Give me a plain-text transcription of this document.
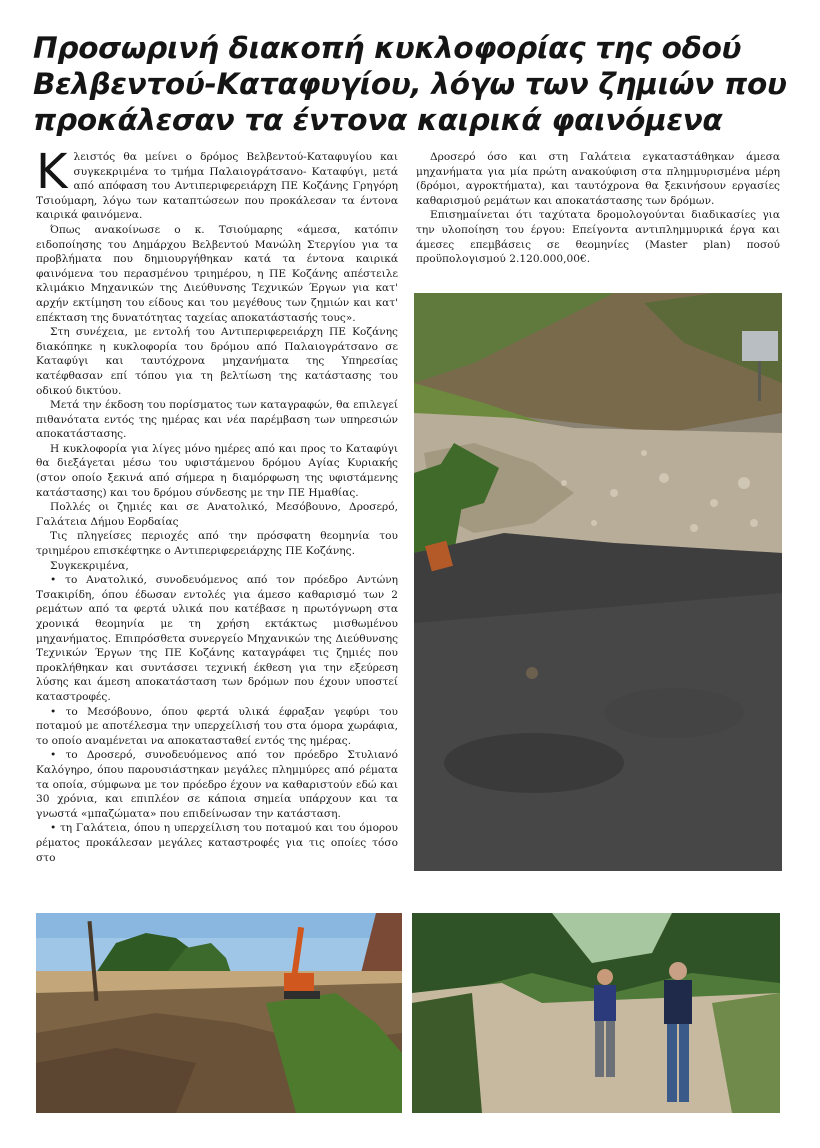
Προσωρινή διακοπή κυκλοφορίας της οδού
Βελβεντού-Καταφυγίου, λόγω των ζημιών που
προκάλεσαν τα έντονα καιρικά φαινόμενα

Κλειστός θα μείνει ο δρόμος Βελβεντού-Καταφυγίου και συγκεκριμένα το τμήμα Παλαιογράτσανο- Καταφύγι, μετά από απόφαση του Αντιπεριφερειάρχη ΠΕ Κοζάνης Γρηγόρη Τσιούμαρη, λόγω των καταπτώσεων που προκάλεσαν τα έντονα καιρικά φαινόμενα.

Όπως ανακοίνωσε ο κ. Τσιούμαρης «άμεσα, κατόπιν ειδοποίησης του Δημάρχου Βελβεντού Μανώλη Στεργίου για τα προβλήματα που δημιουργήθηκαν κατά τα έντονα καιρικά φαινόμενα του περασμένου τριημέρου, η ΠΕ Κοζάνης απέστειλε κλιμάκιο Μηχανικών της Διεύθυνσης Τεχνικών Έργων για κατ' αρχήν εκτίμηση του είδους και του μεγέθους των ζημιών και κατ' επέκταση της δυνατότητας ταχείας αποκατάστασής τους».

Στη συνέχεια, με εντολή του Αντιπεριφερειάρχη ΠΕ Κοζάνης διακόπηκε η κυκλοφορία του δρόμου από Παλαιογράτσανο σε Καταφύγι και ταυτόχρονα μηχανήματα της Υπηρεσίας κατέφθασαν επί τόπου για τη βελτίωση της κατάστασης του οδικού δικτύου.

Μετά την έκδοση του πορίσματος των καταγραφών, θα επιλεγεί πιθανότατα εντός της ημέρας και νέα παρέμβαση των υπηρεσιών αποκατάστασης.

Η κυκλοφορία για λίγες μόνο ημέρες από και προς το Καταφύγι θα διεξάγεται μέσω του υφιστάμενου δρόμου Αγίας Κυριακής (στον οποίο ξεκινά από σήμερα η διαμόρφωση της υφιστάμενης κατάστασης) και του δρόμου σύνδεσης με την ΠΕ Ημαθίας.

Πολλές οι ζημιές και σε Ανατολικό, Μεσόβουνο, Δροσερό, Γαλάτεια Δήμου Εορδαίας

Τις πληγείσες περιοχές από την πρόσφατη θεομηνία του τριημέρου επισκέφτηκε ο Αντιπεριφερειάρχης ΠΕ Κοζάνης.

Συγκεκριμένα,

• το Ανατολικό, συνοδευόμενος από τον πρόεδρο Αντώνη Τσακιρίδη, όπου έδωσαν εντολές για άμεσο καθαρισμό των 2 ρεμάτων από τα φερτά υλικά που κατέβασε η πρωτόγνωρη στα χρονικά θεομηνία με τη χρήση εκτάκτως μισθωμένου μηχανήματος. Επιπρόσθετα συνεργείο Μηχανικών της Διεύθυνσης Τεχνικών Έργων της ΠΕ Κοζάνης καταγράφει τις ζημιές που προκλήθηκαν και συντάσσει τεχνική έκθεση για την εξεύρεση λύσης και άμεση αποκατάσταση των δρόμων που έχουν υποστεί καταστροφές.

• το Μεσόβουνο, όπου φερτά υλικά έφραξαν γεφύρι του ποταμού με αποτέλεσμα την υπερχείλισή του στα όμορα χωράφια, το οποίο αναμένεται να αποκατασταθεί εντός της ημέρας.

• το Δροσερό, συνοδευόμενος από τον πρόεδρο Στυλιανό Καλόγηρο, όπου παρουσιάστηκαν μεγάλες πλημμύρες από ρέματα τα οποία, σύμφωνα με τον πρόεδρο έχουν να καθαριστούν εδώ και 30 χρόνια, και επιπλέον σε κάποια σημεία υπάρχουν και τα γνωστά «μπαζώματα» που επιδείνωσαν την κατάσταση.

• τη Γαλάτεια, όπου η υπερχείλιση του ποταμού και του όμορου ρέματος προκάλεσαν μεγάλες καταστροφές για τις οποίες τόσο στο

Δροσερό όσο και στη Γαλάτεια εγκαταστάθηκαν άμεσα μηχανήματα για μία πρώτη ανακούφιση στα πλημμυρισμένα μέρη (δρόμοι, αγροκτήματα), και ταυτόχρονα θα ξεκινήσουν εργασίες καθαρισμού ρεμάτων και αποκατάστασης των δρόμων.

Επισημαίνεται ότι ταχύτατα δρομολογούνται διαδικασίες για την υλοποίηση του έργου: Επείγοντα αντιπλημμυρικά έργα και άμεσες επεμβάσεις σε θεομηνίες (Master plan) ποσού προϋπολογισμού 2.120.000,00€.
